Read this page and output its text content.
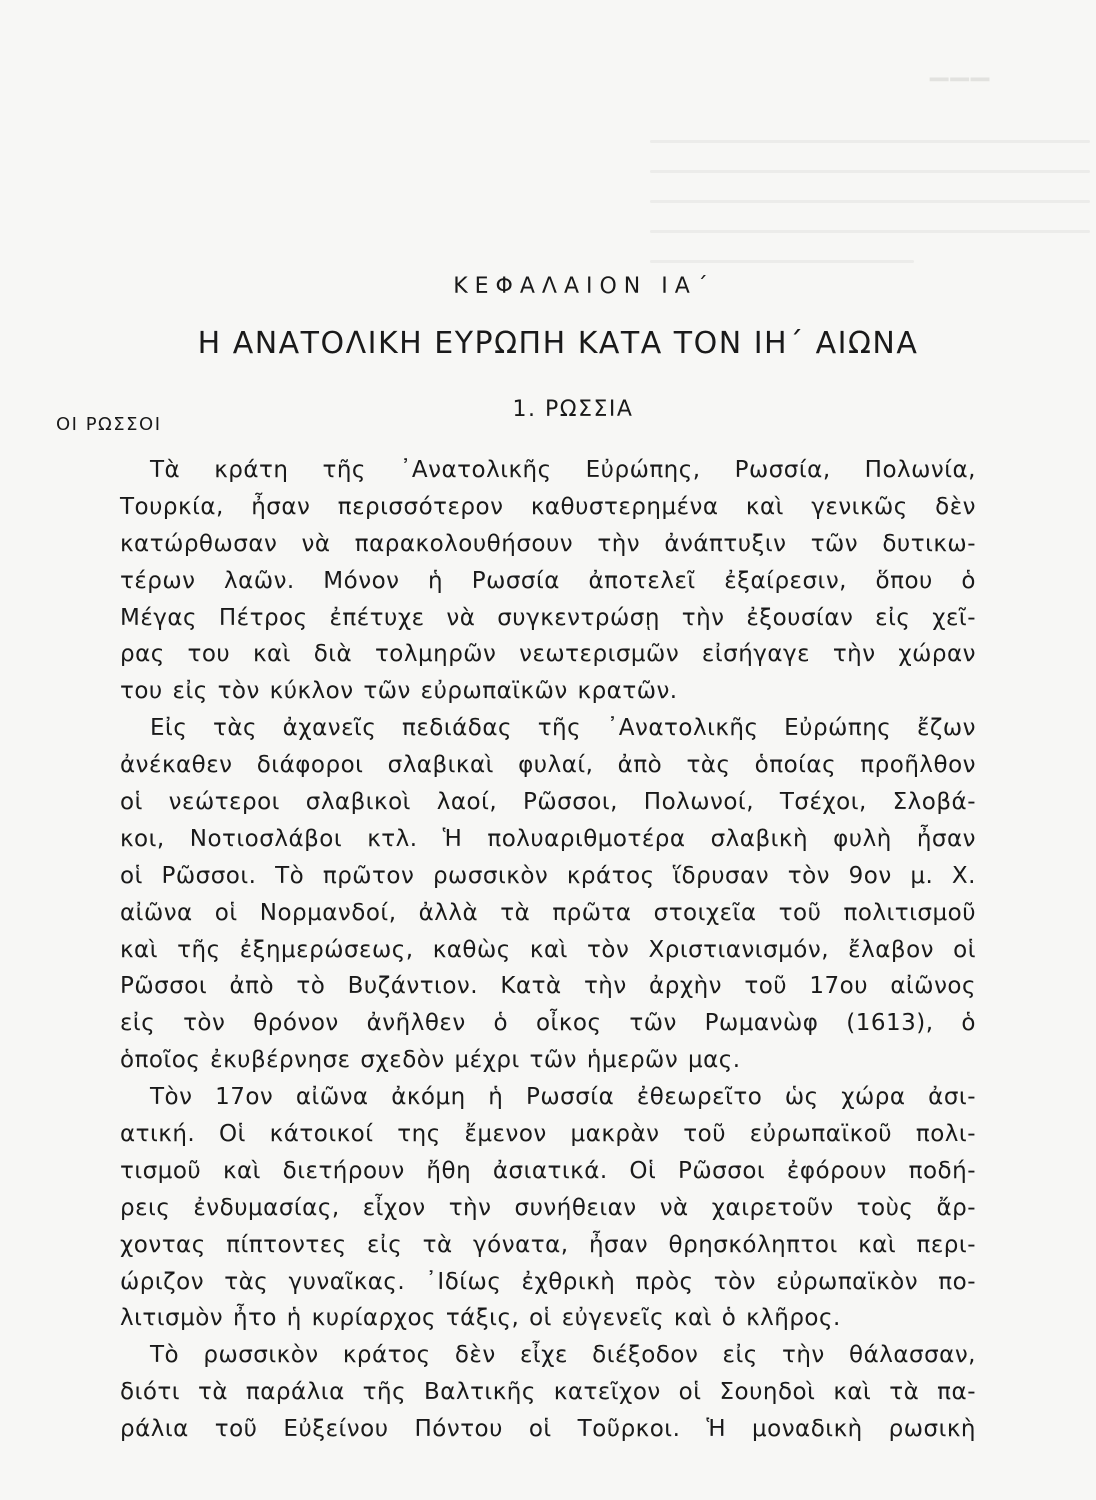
▔▔▔
ΚΕΦΑΛΑΙΟΝ ΙΑ΄
Η ΑΝΑΤΟΛΙΚΗ ΕΥΡΩΠΗ ΚΑΤΑ ΤΟΝ ΙΗ΄ ΑΙΩΝΑ
1. ΡΩΣΣΙΑ
ΟΙ ΡΩΣΣΟΙ
Τὰ κράτη τῆς ᾿Ανατολικῆς Εὐρώπης, Ρωσσία, Πολωνία,
Τουρκία, ἦσαν περισσότερον καθυστερημένα καὶ γενικῶς δὲν
κατώρθωσαν νὰ παρακολουθήσουν τὴν ἀνάπτυξιν τῶν δυτικω-
τέρων λαῶν. Μόνον ἡ Ρωσσία ἀποτελεῖ ἐξαίρεσιν, ὅπου ὁ
Μέγας Πέτρος ἐπέτυχε νὰ συγκεντρώσῃ τὴν ἐξουσίαν εἰς χεῖ-
ρας του καὶ διὰ τολμηρῶν νεωτερισμῶν εἰσήγαγε τὴν χώραν
του εἰς τὸν κύκλον τῶν εὐρωπαϊκῶν κρατῶν.
Εἰς τὰς ἀχανεῖς πεδιάδας τῆς ᾿Ανατολικῆς Εὐρώπης ἔζων
ἀνέκαθεν διάφοροι σλαβικαὶ φυλαί, ἀπὸ τὰς ὁποίας προῆλθον
οἱ νεώτεροι σλαβικοὶ λαοί, Ρῶσσοι, Πολωνοί, Τσέχοι, Σλοβά-
κοι, Νοτιοσλάβοι κτλ. Ἡ πολυαριθμοτέρα σλαβικὴ φυλὴ ἦσαν
οἱ Ρῶσσοι. Τὸ πρῶτον ρωσσικὸν κράτος ἵδρυσαν τὸν 9ον μ. Χ.
αἰῶνα οἱ Νορμανδοί, ἀλλὰ τὰ πρῶτα στοιχεῖα τοῦ πολιτισμοῦ
καὶ τῆς ἐξημερώσεως, καθὼς καὶ τὸν Χριστιανισμόν, ἔλαβον οἱ
Ρῶσσοι ἀπὸ τὸ Βυζάντιον. Κατὰ τὴν ἀρχὴν τοῦ 17ου αἰῶνος
εἰς τὸν θρόνον ἀνῆλθεν ὁ οἶκος τῶν Ρωμανὼφ (1613), ὁ
ὁποῖος ἐκυβέρνησε σχεδὸν μέχρι τῶν ἡμερῶν μας.
Τὸν 17ον αἰῶνα ἀκόμη ἡ Ρωσσία ἐθεωρεῖτο ὡς χώρα ἀσι-
ατική. Οἱ κάτοικοί της ἔμενον μακρὰν τοῦ εὐρωπαϊκοῦ πολι-
τισμοῦ καὶ διετήρουν ἤθη ἀσιατικά. Οἱ Ρῶσσοι ἐφόρουν ποδή-
ρεις ἐνδυμασίας, εἶχον τὴν συνήθειαν νὰ χαιρετοῦν τοὺς ἄρ-
χοντας πίπτοντες εἰς τὰ γόνατα, ἦσαν θρησκόληπτοι καὶ περι-
ώριζον τὰς γυναῖκας. ᾿Ιδίως ἐχθρικὴ πρὸς τὸν εὐρωπαϊκὸν πο-
λιτισμὸν ἦτο ἡ κυρίαρχος τάξις, οἱ εὐγενεῖς καὶ ὁ κλῆρος.
Τὸ ρωσσικὸν κράτος δὲν εἶχε διέξοδον εἰς τὴν θάλασσαν,
διότι τὰ παράλια τῆς Βαλτικῆς κατεῖχον οἱ Σουηδοὶ καὶ τὰ πα-
ράλια τοῦ Εὐξείνου Πόντου οἱ Τοῦρκοι. Ἡ μοναδικὴ ρωσικὴ
